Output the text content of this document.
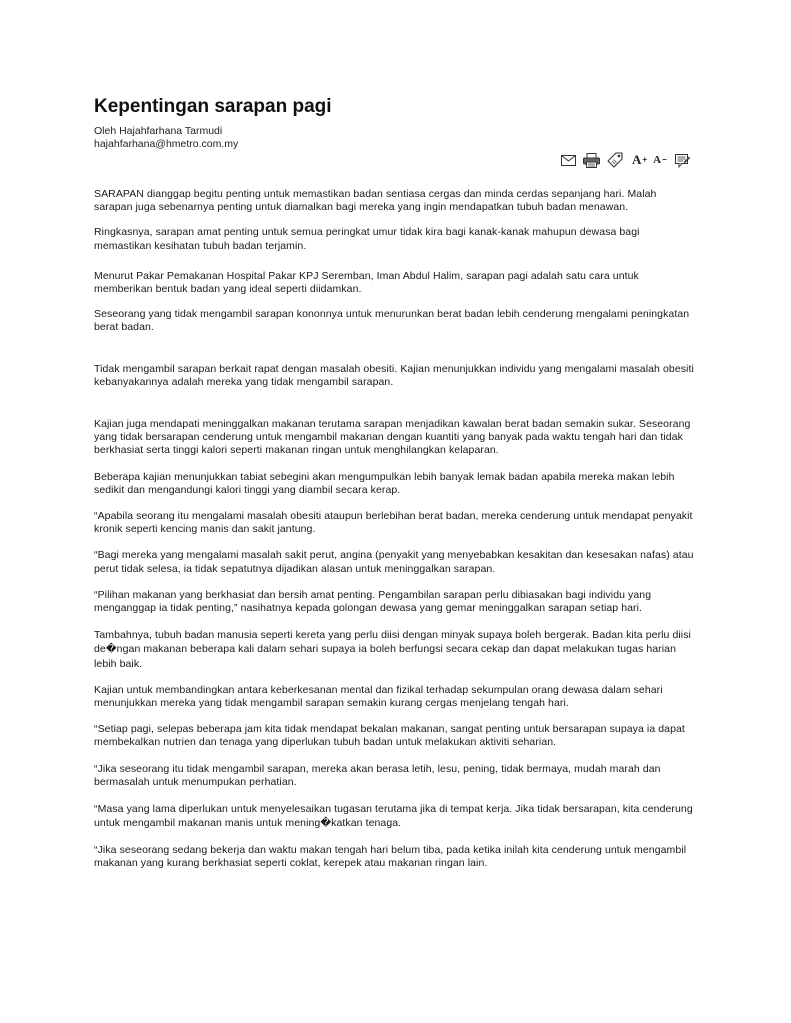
Kepentingan sarapan pagi
Oleh Hajahfarhana Tarmudi
hajahfarhana@hmetro.com.my
A + A −

SARAPAN dianggap begitu penting untuk memastikan badan sentiasa cergas dan minda cerdas sepanjang hari. Malah sarapan juga sebenarnya penting untuk diamalkan bagi mereka yang ingin mendapatkan tubuh badan menawan.

Ringkasnya, sarapan amat penting untuk semua peringkat umur tidak kira bagi kanak-kanak mahupun dewasa bagi memastikan kesihatan tubuh badan terjamin.

Menurut Pakar Pemakanan Hospital Pakar KPJ Seremban, Iman Abdul Halim, sarapan pagi adalah satu cara untuk memberikan bentuk badan yang ideal seperti diidamkan.

Seseorang yang tidak mengambil sarapan kononnya untuk menurunkan berat badan lebih cenderung mengalami peningkatan berat badan.

Tidak mengambil sarapan berkait rapat dengan masalah obesiti. Kajian menunjukkan individu yang mengalami masalah obesiti kebanyakannya adalah mereka yang tidak mengambil sarapan.

Kajian juga mendapati meninggalkan makanan terutama sarapan menjadikan kawalan berat badan semakin sukar. Seseorang yang tidak bersarapan cenderung untuk mengambil makanan dengan kuantiti yang banyak pada waktu tengah hari dan tidak berkhasiat serta tinggi kalori seperti makanan ringan untuk menghilangkan kelaparan.

Beberapa kajian menunjukkan tabiat sebegini akan mengumpulkan lebih banyak lemak badan apabila mereka makan lebih sedikit dan mengandungi kalori tinggi yang diambil secara kerap.

“Apabila seorang itu mengalami masalah obesiti ataupun berlebihan berat badan, mereka cenderung untuk mendapat penyakit kronik seperti kencing manis dan sakit jantung.

“Bagi mereka yang mengalami masalah sakit perut, angina (penyakit yang menyebabkan kesakitan dan kesesakan nafas) atau perut tidak selesa, ia tidak sepatutnya dijadikan alasan untuk meninggalkan sarapan.

“Pilihan makanan yang berkhasiat dan bersih amat penting. Pengambilan sarapan perlu dibiasakan bagi individu yang menganggap ia tidak penting,” nasihatnya kepada golongan dewasa yang gemar meninggalkan sarapan setiap hari.

Tambahnya, tubuh badan manusia seperti kereta yang perlu diisi dengan minyak supaya boleh bergerak. Badan kita perlu diisi de�ngan makanan beberapa kali dalam sehari supaya ia boleh berfungsi secara cekap dan dapat melakukan tugas harian lebih baik.

Kajian untuk membandingkan antara keberkesanan mental dan fizikal terhadap sekumpulan orang dewasa dalam sehari menunjukkan mereka yang tidak mengambil sarapan semakin kurang cergas menjelang tengah hari.

“Setiap pagi, selepas beberapa jam kita tidak mendapat bekalan makanan, sangat penting untuk bersarapan supaya ia dapat membekalkan nutrien dan tenaga yang diperlukan tubuh badan untuk melakukan aktiviti seharian.

“Jika seseorang itu tidak mengambil sarapan, mereka akan berasa letih, lesu, pening, tidak bermaya, mudah marah dan bermasalah untuk menumpukan perhatian.

“Masa yang lama diperlukan untuk menyelesaikan tugasan terutama jika di tempat kerja. Jika tidak bersarapan, kita cenderung untuk mengambil makanan manis untuk mening�katkan tenaga.

“Jika seseorang sedang bekerja dan waktu makan tengah hari belum tiba, pada ketika inilah kita cenderung untuk mengambil makanan yang kurang berkhasiat seperti coklat, kerepek atau makanan ringan lain.
